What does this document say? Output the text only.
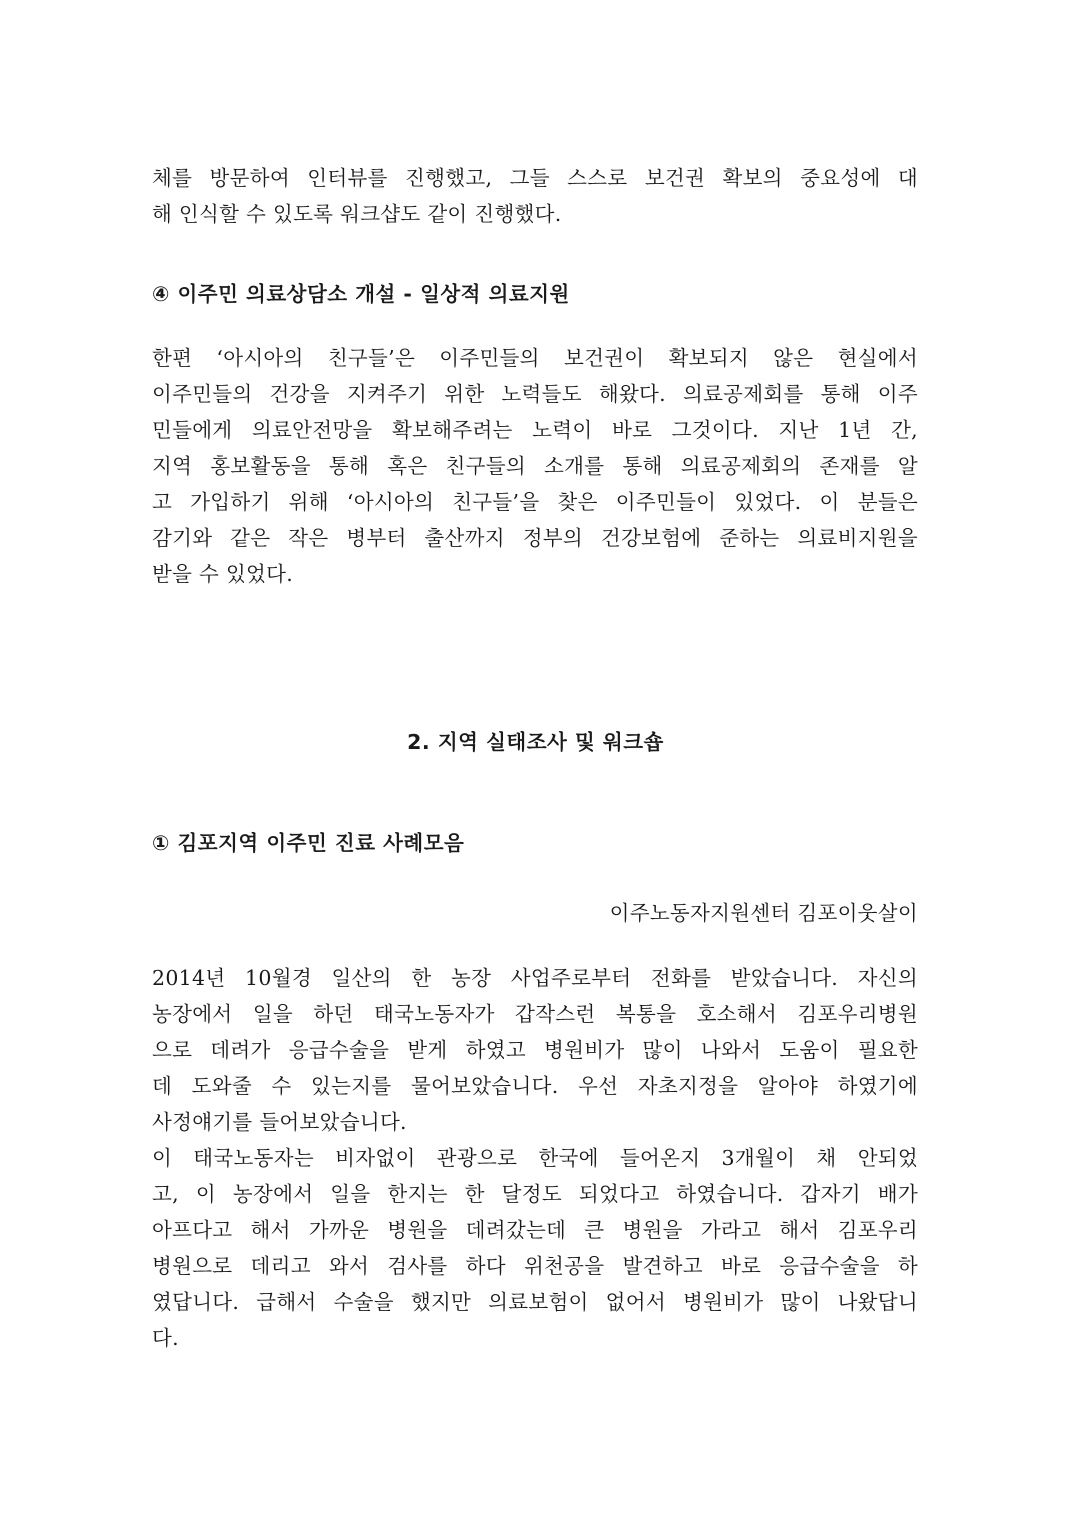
체를 방문하여 인터뷰를 진행했고, 그들 스스로 보건권 확보의 중요성에 대
해 인식할 수 있도록 워크샵도 같이 진행했다.
④ 이주민 의료상담소 개설 - 일상적 의료지원
한편 ‘아시아의 친구들’은 이주민들의 보건권이 확보되지 않은 현실에서
이주민들의 건강을 지켜주기 위한 노력들도 해왔다. 의료공제회를 통해 이주
민들에게 의료안전망을 확보해주려는 노력이 바로 그것이다. 지난 1년 간,
지역 홍보활동을 통해 혹은 친구들의 소개를 통해 의료공제회의 존재를 알
고 가입하기 위해 ‘아시아의 친구들’을 찾은 이주민들이 있었다. 이 분들은
감기와 같은 작은 병부터 출산까지 정부의 건강보험에 준하는 의료비지원을
받을 수 있었다.
2. 지역 실태조사 및 워크숍
① 김포지역 이주민 진료 사례모음
이주노동자지원센터 김포이웃살이
2014년 10월경 일산의 한 농장 사업주로부터 전화를 받았습니다. 자신의
농장에서 일을 하던 태국노동자가 갑작스런 복통을 호소해서 김포우리병원
으로 데려가 응급수술을 받게 하였고 병원비가 많이 나와서 도움이 필요한
데 도와줄 수 있는지를 물어보았습니다. 우선 자초지정을 알아야 하였기에
사정얘기를 들어보았습니다.
이 태국노동자는 비자없이 관광으로 한국에 들어온지 3개월이 채 안되었
고, 이 농장에서 일을 한지는 한 달정도 되었다고 하였습니다. 갑자기 배가
아프다고 해서 가까운 병원을 데려갔는데 큰 병원을 가라고 해서 김포우리
병원으로 데리고 와서 검사를 하다 위천공을 발견하고 바로 응급수술을 하
였답니다. 급해서 수술을 했지만 의료보험이 없어서 병원비가 많이 나왔답니
다.
